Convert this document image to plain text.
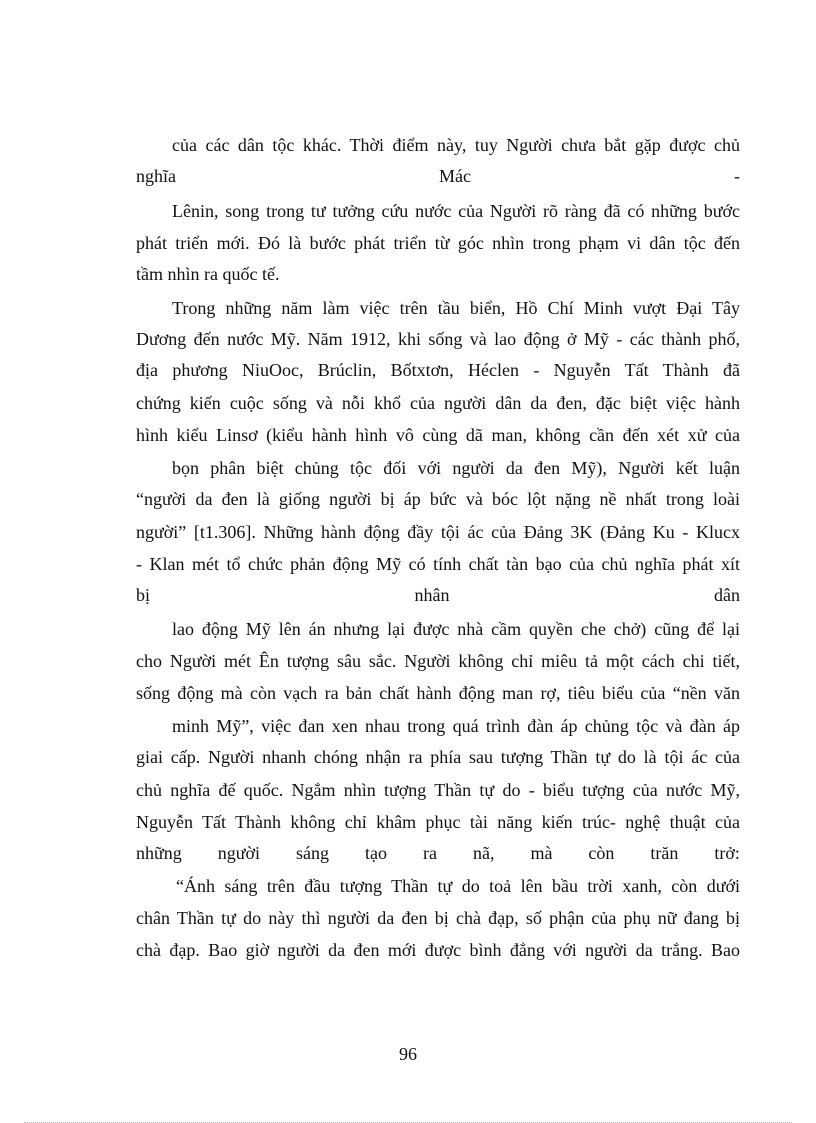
của các dân tộc khác. Thời điểm này, tuy Người chưa bắt gặp được chủ
nghĩa	Mác	-
Lênin, song trong tư tưởng cứu nước của Người rõ ràng đã có những bước
phát triển mới. Đó là bước phát triển từ góc nhìn trong phạm vi dân tộc đến
tầm nhìn ra quốc tế.
Trong những năm làm việc trên tầu biển, Hồ Chí Minh vượt Đại Tây
Dương đến nước Mỹ. Năm 1912, khi sống và lao động ở Mỹ - các thành phố,
địa phương NiuOoc, Brúclin, Bốtxtơn, Héclen - Nguyễn Tất Thành đã
chứng kiến cuộc sống và nỗi khổ của người dân da đen, đặc biệt việc hành
hình kiểu Linsơ (kiểu hành hình vô cùng dã man, không cần đến xét xử của
bọn phân biệt chủng tộc đối với người da đen Mỹ), Người kết luận
“người da đen là giống người bị áp bức và bóc lột nặng nề nhất trong loài
người” [t1.306]. Những hành động đầy tội ác của Đảng 3K (Đảng Ku - Klucx
- Klan mét tổ chức phản động Mỹ có tính chất tàn bạo của chủ nghĩa phát xít
bị	nhân	dân
lao động Mỹ lên án nhưng lại được nhà cầm quyền che chở) cũng để lại
cho Người mét Ên tượng sâu sắc. Người không chỉ miêu tả một cách chi tiết,
sống động mà còn vạch ra bản chất hành động man rợ, tiêu biểu của “nền văn
minh Mỹ”, việc đan xen nhau trong quá trình đàn áp chủng tộc và đàn áp
giai cấp. Người nhanh chóng nhận ra phía sau tượng Thần tự do là tội ác của
chủ nghĩa đế quốc. Ngắm nhìn tượng Thần tự do - biểu tượng của nước Mỹ,
Nguyễn Tất Thành không chỉ khâm phục tài năng kiến trúc- nghệ thuật của
những người sáng tạo ra nã, mà còn trăn trở:
“Ánh sáng trên đầu tượng Thần tự do toả lên bầu trời xanh, còn dưới
chân Thần tự do này thì người da đen bị chà đạp, số phận của phụ nữ đang bị
chà đạp. Bao giờ người da đen mới được bình đẳng với người da trắng. Bao
96
